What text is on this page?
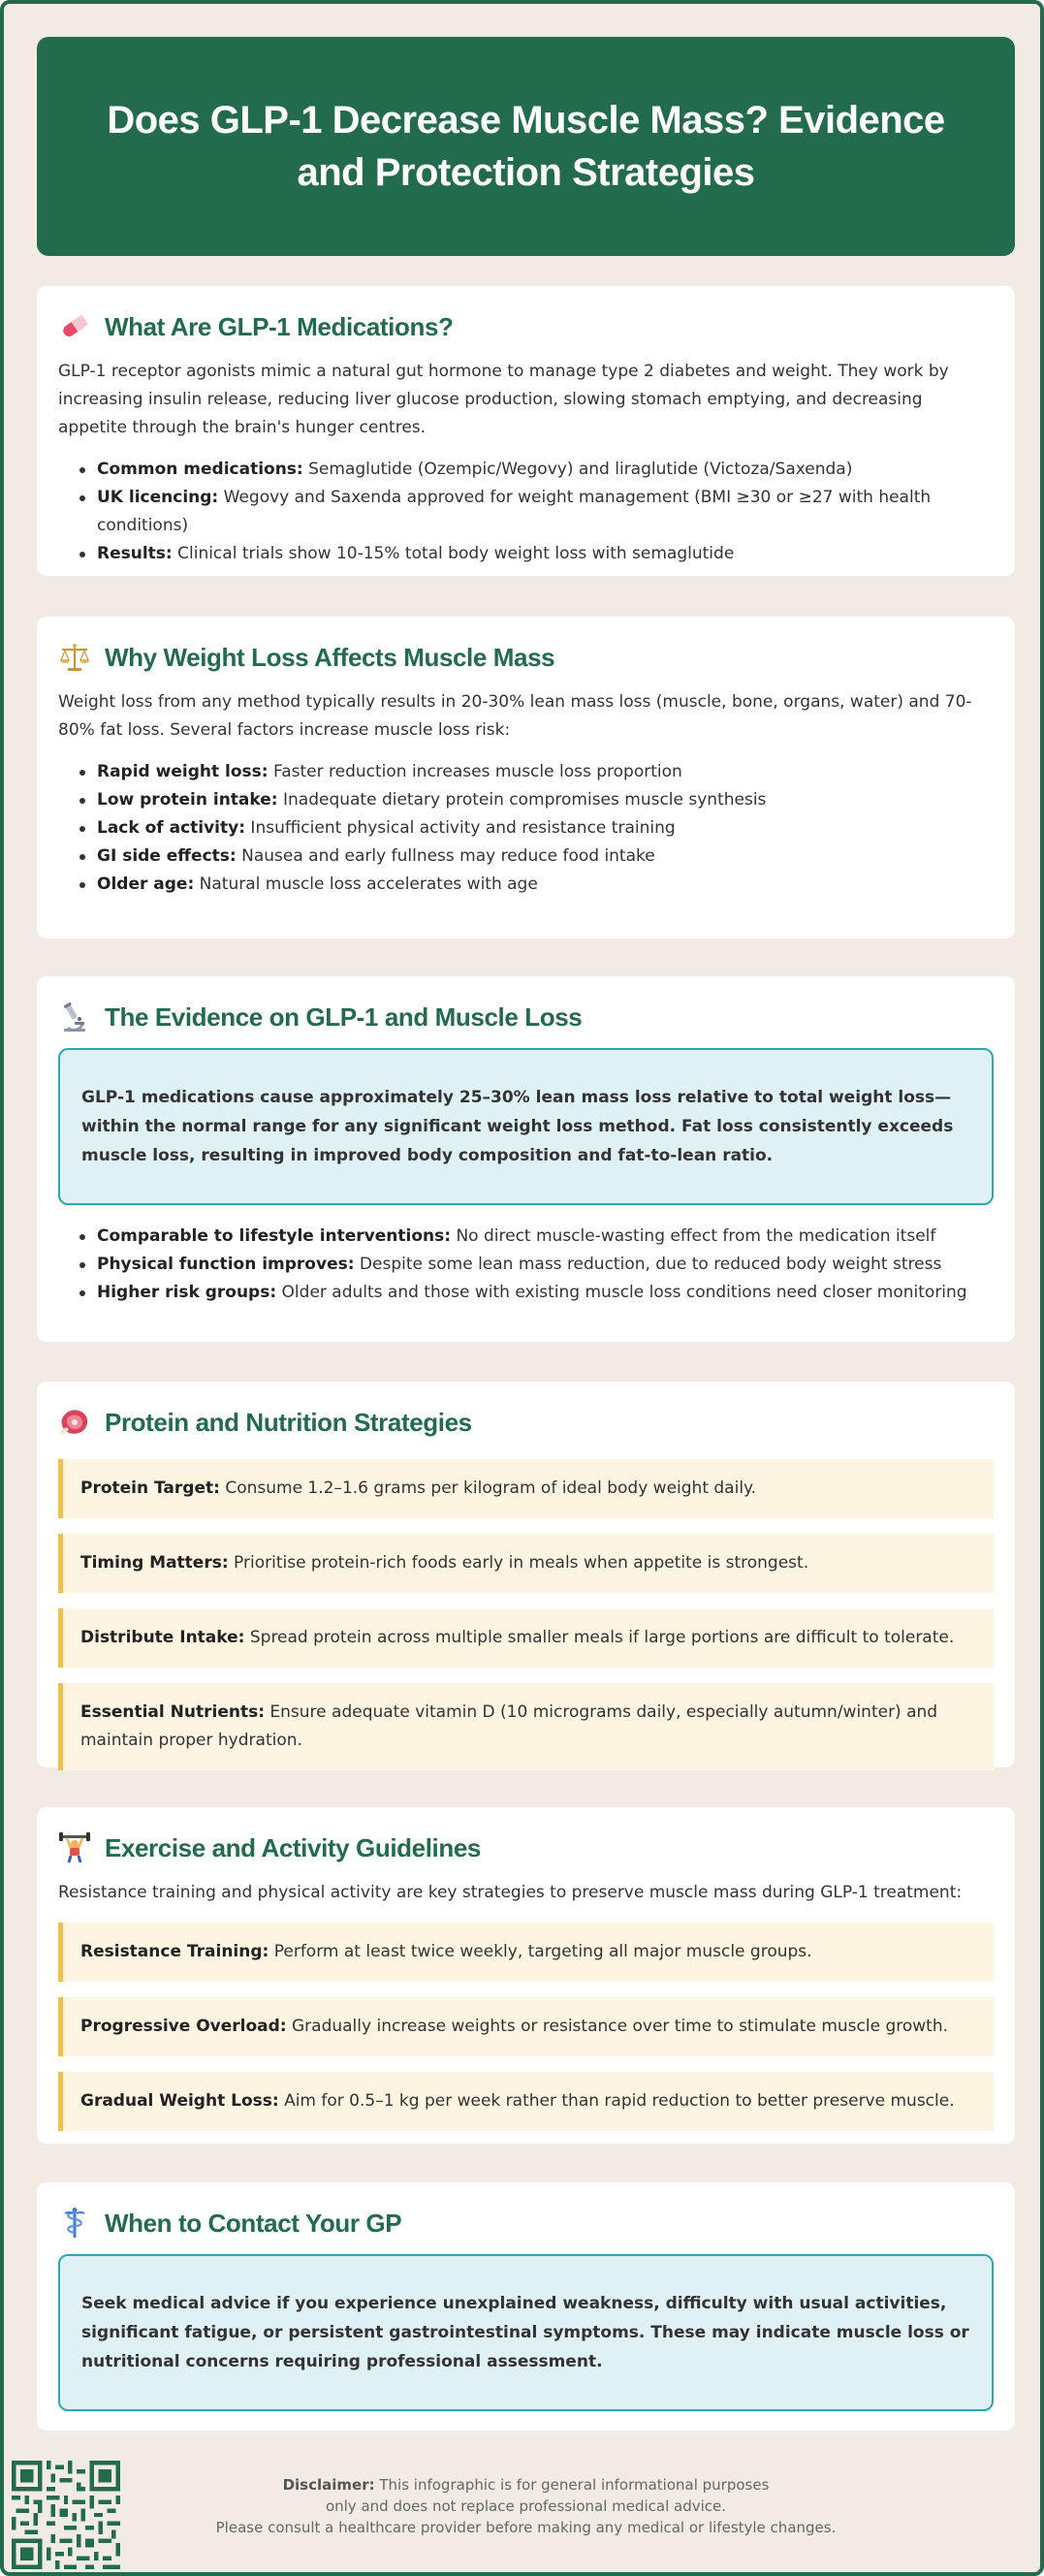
Does GLP-1 Decrease Muscle Mass? Evidence and Protection Strategies
What Are GLP-1 Medications?

GLP-1 receptor agonists mimic a natural gut hormone to manage type 2 diabetes and weight. They work by increasing insulin release, reducing liver glucose production, slowing stomach emptying, and decreasing appetite through the brain's hunger centres.

Common medications: Semaglutide (Ozempic/Wegovy) and liraglutide (Victoza/Saxenda)
UK licencing: Wegovy and Saxenda approved for weight management (BMI ≥30 or ≥27 with health conditions)
Results: Clinical trials show 10-15% total body weight loss with semaglutide
Why Weight Loss Affects Muscle Mass

Weight loss from any method typically results in 20-30% lean mass loss (muscle, bone, organs, water) and 70-80% fat loss. Several factors increase muscle loss risk:

Rapid weight loss: Faster reduction increases muscle loss proportion
Low protein intake: Inadequate dietary protein compromises muscle synthesis
Lack of activity: Insufficient physical activity and resistance training
GI side effects: Nausea and early fullness may reduce food intake
Older age: Natural muscle loss accelerates with age
The Evidence on GLP-1 and Muscle Loss
GLP-1 medications cause approximately 25–30% lean mass loss relative to total weight loss—within the normal range for any significant weight loss method. Fat loss consistently exceeds muscle loss, resulting in improved body composition and fat-to-lean ratio.
Comparable to lifestyle interventions: No direct muscle-wasting effect from the medication itself
Physical function improves: Despite some lean mass reduction, due to reduced body weight stress
Higher risk groups: Older adults and those with existing muscle loss conditions need closer monitoring
Protein and Nutrition Strategies
Protein Target: Consume 1.2–1.6 grams per kilogram of ideal body weight daily.
Timing Matters: Prioritise protein-rich foods early in meals when appetite is strongest.
Distribute Intake: Spread protein across multiple smaller meals if large portions are difficult to tolerate.
Essential Nutrients: Ensure adequate vitamin D (10 micrograms daily, especially autumn/winter) and maintain proper hydration.
Exercise and Activity Guidelines

Resistance training and physical activity are key strategies to preserve muscle mass during GLP-1 treatment:

Resistance Training: Perform at least twice weekly, targeting all major muscle groups.
Progressive Overload: Gradually increase weights or resistance over time to stimulate muscle growth.
Gradual Weight Loss: Aim for 0.5–1 kg per week rather than rapid reduction to better preserve muscle.
When to Contact Your GP
Seek medical advice if you experience unexplained weakness, difficulty with usual activities, significant fatigue, or persistent gastrointestinal symptoms. These may indicate muscle loss or nutritional concerns requiring professional assessment.
Disclaimer: This infographic is for general informational purposes
only and does not replace professional medical advice.
Please consult a healthcare provider before making any medical or lifestyle changes.
